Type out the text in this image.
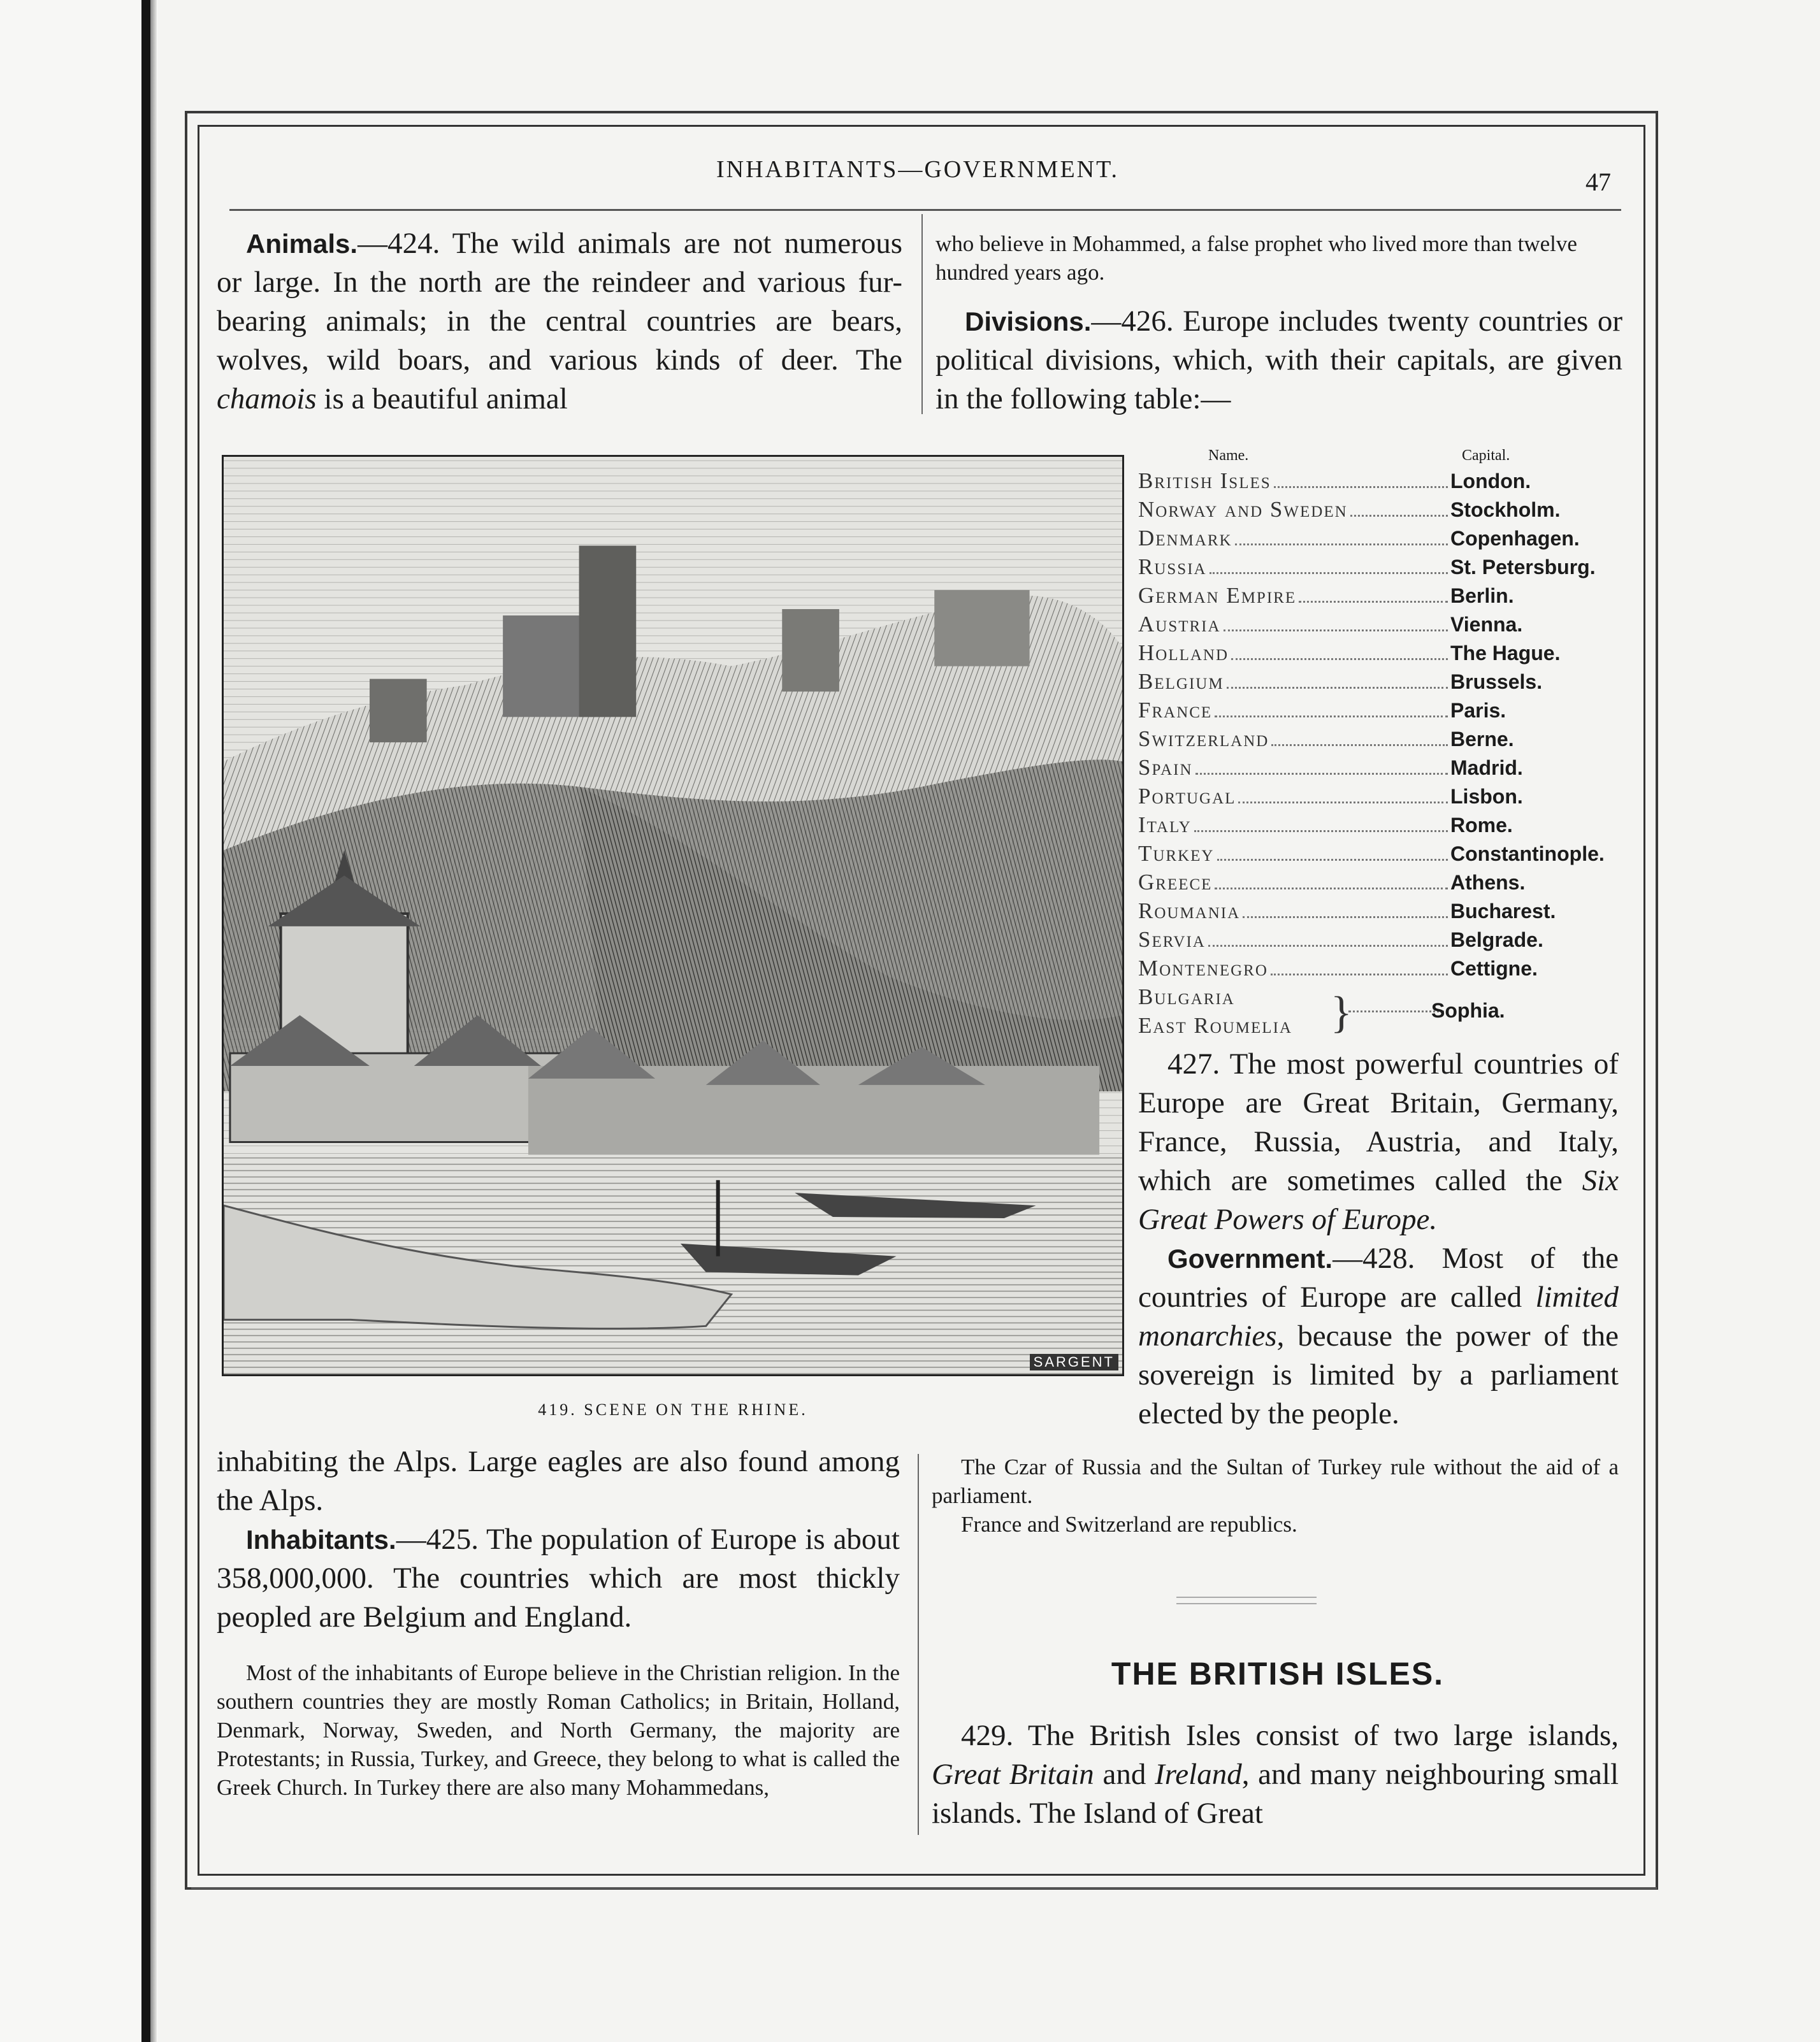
INHABITANTS—GOVERNMENT.	47

Animals.—424. The wild animals are not numerous or large. In the north are the reindeer and various fur-bearing animals; in the central countries are bears, wolves, wild boars, and various kinds of deer. The chamois is a beautiful animal

who believe in Mohammed, a false prophet who lived more than twelve hundred years ago.

Divisions.—426. Europe includes twenty countries or political divisions, which, with their capitals, are given in the following table:—

SARGENT
419. SCENE ON THE RHINE.
Name.	Capital.
British Isles	London.
Norway and Sweden	Stockholm.
Denmark	Copenhagen.
Russia	St. Petersburg.
German Empire	Berlin.
Austria	Vienna.
Holland	The Hague.
Belgium	Brussels.
France	Paris.
Switzerland	Berne.
Spain	Madrid.
Portugal	Lisbon.
Italy	Rome.
Turkey	Constantinople.
Greece	Athens.
Roumania	Bucharest.
Servia	Belgrade.
Montenegro	Cettigne.
Bulgaria
East Roumelia }	Sophia.

427. The most powerful countries of Europe are Great Britain, Germany, France, Russia, Austria, and Italy, which are sometimes called the Six Great Powers of Europe.

Government.—428. Most of the countries of Europe are called limited monarchies, because the power of the sovereign is limited by a parliament elected by the people.

The Czar of Russia and the Sultan of Turkey rule without the aid of a parliament.

France and Switzerland are republics.

inhabiting the Alps. Large eagles are also found among the Alps.

Inhabitants.—425. The population of Europe is about 358,000,000. The countries which are most thickly peopled are Belgium and England.

Most of the inhabitants of Europe believe in the Christian religion. In the southern countries they are mostly Roman Catholics; in Britain, Holland, Denmark, Norway, Sweden, and North Germany, the majority are Protestants; in Russia, Turkey, and Greece, they belong to what is called the Greek Church. In Turkey there are also many Mohammedans,

THE BRITISH ISLES.

429. The British Isles consist of two large islands, Great Britain and Ireland, and many neighbouring small islands. The Island of Great
